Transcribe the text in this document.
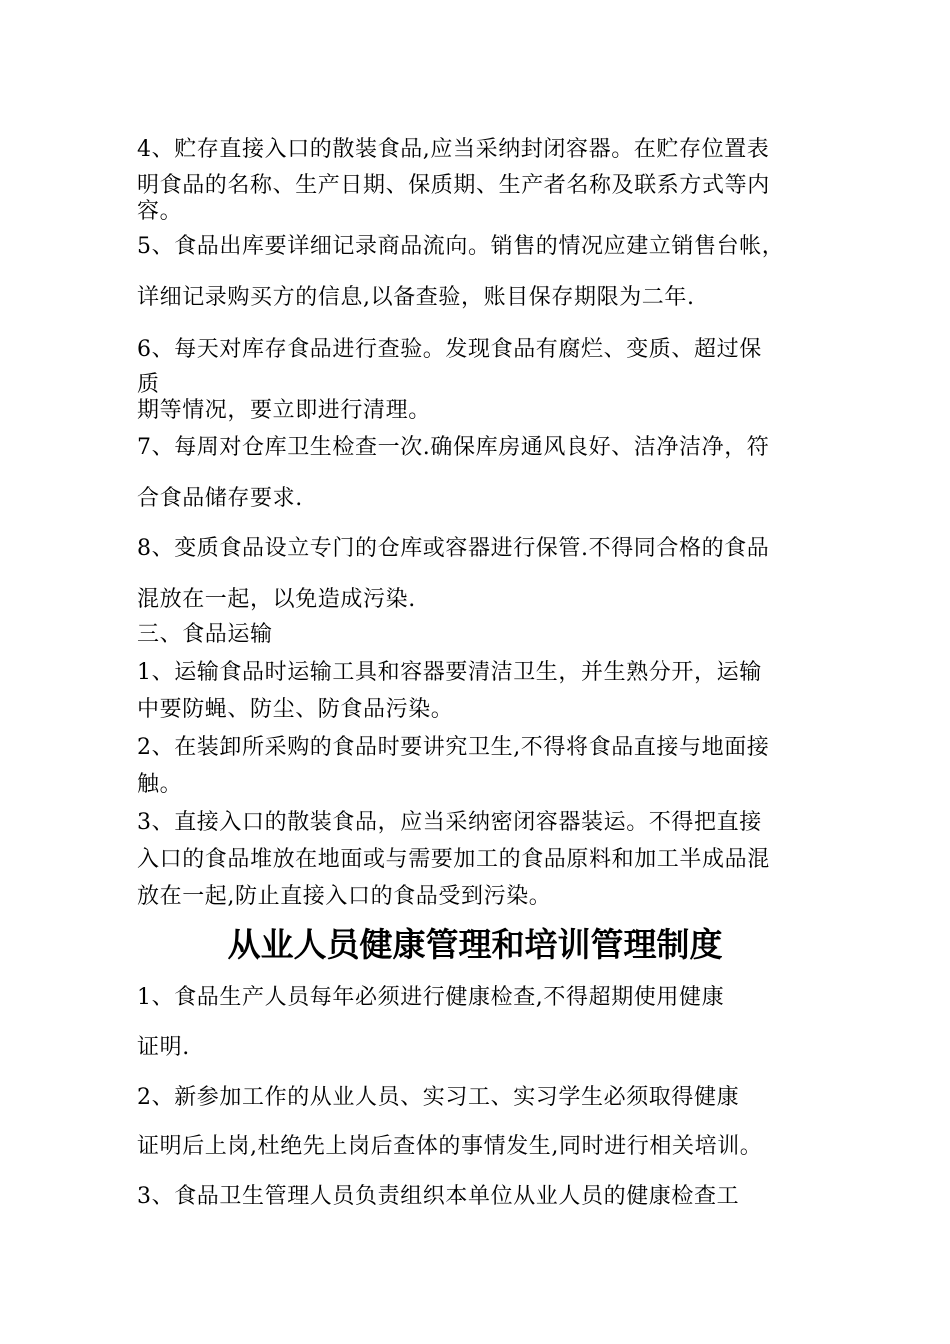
4、贮存直接入口的散装食品,应当采纳封闭容器。在贮存位置表
明食品的名称、生产日期、保质期、生产者名称及联系方式等内
容。
5、食品出库要详细记录商品流向。销售的情况应建立销售台帐，
详细记录购买方的信息,以备查验，账目保存期限为二年.
6、每天对库存食品进行查验。发现食品有腐烂、变质、超过保
质
期等情况，要立即进行清理。
7、每周对仓库卫生检查一次.确保库房通风良好、洁净洁净，符
合食品储存要求.
8、变质食品设立专门的仓库或容器进行保管.不得同合格的食品
混放在一起，以免造成污染.
三、食品运输
1、运输食品时运输工具和容器要清洁卫生，并生熟分开，运输
中要防蝇、防尘、防食品污染。
2、在装卸所采购的食品时要讲究卫生,不得将食品直接与地面接
触。
3、直接入口的散装食品，应当采纳密闭容器装运。不得把直接
入口的食品堆放在地面或与需要加工的食品原料和加工半成品混
放在一起,防止直接入口的食品受到污染。
从业人员健康管理和培训管理制度
1、食品生产人员每年必须进行健康检查,不得超期使用健康
证明.
2、新参加工作的从业人员、实习工、实习学生必须取得健康
证明后上岗,杜绝先上岗后查体的事情发生,同时进行相关培训。
3、食品卫生管理人员负责组织本单位从业人员的健康检查工
